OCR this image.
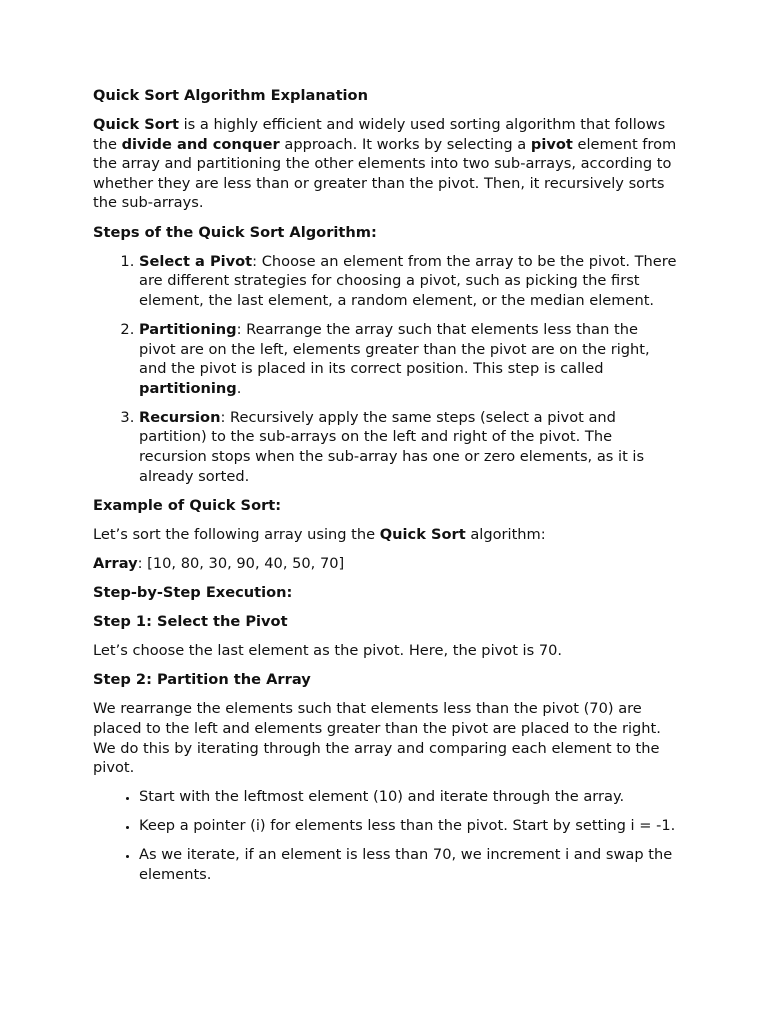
Quick Sort Algorithm Explanation

Quick Sort is a highly efficient and widely used sorting algorithm that follows the divide and conquer approach. It works by selecting a pivot element from the array and partitioning the other elements into two sub-arrays, according to whether they are less than or greater than the pivot. Then, it recursively sorts the sub-arrays.

Steps of the Quick Sort Algorithm:

1. Select a Pivot: Choose an element from the array to be the pivot. There are different strategies for choosing a pivot, such as picking the first element, the last element, a random element, or the median element.
2. Partitioning: Rearrange the array such that elements less than the pivot are on the left, elements greater than the pivot are on the right, and the pivot is placed in its correct position. This step is called partitioning.
3. Recursion: Recursively apply the same steps (select a pivot and partition) to the sub-arrays on the left and right of the pivot. The recursion stops when the sub-array has one or zero elements, as it is already sorted.

Example of Quick Sort:

Let’s sort the following array using the Quick Sort algorithm:

Array: [10, 80, 30, 90, 40, 50, 70]

Step-by-Step Execution:

Step 1: Select the Pivot

Let’s choose the last element as the pivot. Here, the pivot is 70.

Step 2: Partition the Array

We rearrange the elements such that elements less than the pivot (70) are placed to the left and elements greater than the pivot are placed to the right. We do this by iterating through the array and comparing each element to the pivot.

• Start with the leftmost element (10) and iterate through the array.
• Keep a pointer (i) for elements less than the pivot. Start by setting i = -1.
• As we iterate, if an element is less than 70, we increment i and swap the elements.
